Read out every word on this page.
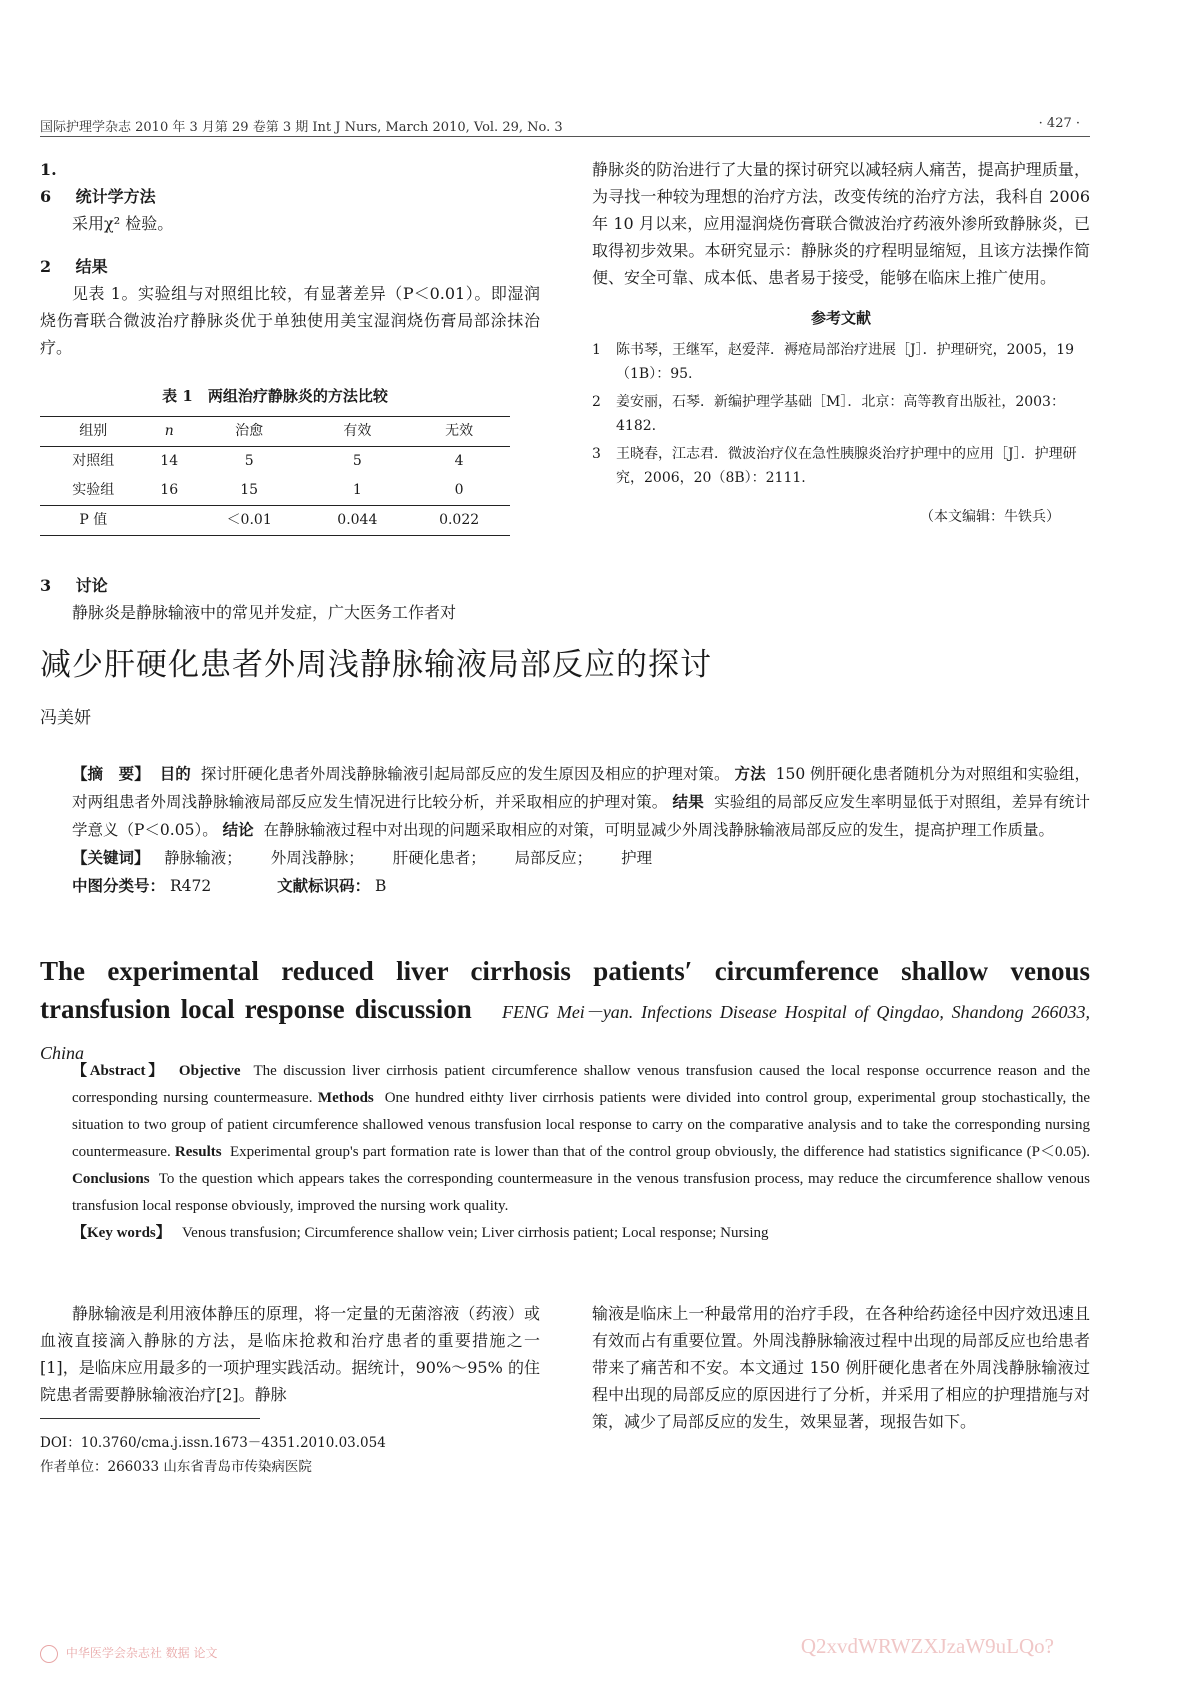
国际护理学杂志 2010 年 3 月第 29 卷第 3 期 Int J Nurs, March 2010, Vol. 29, No. 3	· 427 ·

1. 6 统计学方法

采用χ² 检验。

2 结果

见表 1。实验组与对照组比较，有显著差异（P＜0.01）。即湿润烧伤膏联合微波治疗静脉炎优于单独使用美宝湿润烧伤膏局部涂抹治疗。

表 1　两组治疗静脉炎的方法比较
组别	n	治愈	有效	无效
对照组	14	5	5	4
实验组	16	15	1	0
P 值		＜0.01	0.044	0.022

3 讨论

静脉炎是静脉输液中的常见并发症，广大医务工作者对

静脉炎的防治进行了大量的探讨研究以减轻病人痛苦，提高护理质量，为寻找一种较为理想的治疗方法，改变传统的治疗方法，我科自 2006 年 10 月以来，应用湿润烧伤膏联合微波治疗药液外渗所致静脉炎，已取得初步效果。本研究显示：静脉炎的疗程明显缩短，且该方法操作简便、安全可靠、成本低、患者易于接受，能够在临床上推广使用。

参考文献

1 陈书琴，王继军，赵爱萍．褥疮局部治疗进展［J］．护理研究，2005，19（1B）：95.
2 姜安丽，石琴．新编护理学基础［M］．北京：高等教育出版社，2003：4182.
3 王晓春，江志君．微波治疗仪在急性胰腺炎治疗护理中的应用［J］．护理研究，2006，20（8B）：2111.

（本文编辑：牛铁兵）

减少肝硬化患者外周浅静脉输液局部反应的探讨
冯美妍

【摘　要】 目的 探讨肝硬化患者外周浅静脉输液引起局部反应的发生原因及相应的护理对策。 方法 150 例肝硬化患者随机分为对照组和实验组，对两组患者外周浅静脉输液局部反应发生情况进行比较分析，并采取相应的护理对策。 结果 实验组的局部反应发生率明显低于对照组，差异有统计学意义（P＜0.05）。 结论 在静脉输液过程中对出现的问题采取相应的对策，可明显减少外周浅静脉输液局部反应的发生，提高护理工作质量。

【关键词】 静脉输液； 外周浅静脉； 肝硬化患者； 局部反应； 护理

中图分类号： R472	文献标识码： B

The experimental reduced liver cirrhosis patients′ circumference shallow venous transfusion local response discussion FENG Mei－yan. Infections Disease Hospital of Qingdao, Shandong 266033, China

【Abstract】 Objective The discussion liver cirrhosis patient circumference shallow venous transfusion caused the local response occurrence reason and the corresponding nursing countermeasure. Methods One hundred eithty liver cirrhosis patients were divided into control group, experimental group stochastically, the situation to two group of patient circumference shallowed venous transfusion local response to carry on the comparative analysis and to take the corresponding nursing countermeasure. Results Experimental group's part formation rate is lower than that of the control group obviously, the difference had statistics significance (P＜0.05). Conclusions To the question which appears takes the corresponding countermeasure in the venous transfusion process, may reduce the circumference shallow venous transfusion local response obviously, improved the nursing work quality.

【Key words】 Venous transfusion; Circumference shallow vein; Liver cirrhosis patient; Local response; Nursing

静脉输液是利用液体静压的原理，将一定量的无菌溶液（药液）或血液直接滴入静脉的方法，是临床抢救和治疗患者的重要措施之一[1]，是临床应用最多的一项护理实践活动。据统计，90%～95% 的住院患者需要静脉输液治疗[2]。静脉

DOI：10.3760/cma.j.issn.1673－4351.2010.03.054

作者单位：266033 山东省青岛市传染病医院

输液是临床上一种最常用的治疗手段，在各种给药途径中因疗效迅速且有效而占有重要位置。外周浅静脉输液过程中出现的局部反应也给患者带来了痛苦和不安。本文通过 150 例肝硬化患者在外周浅静脉输液过程中出现的局部反应的原因进行了分析，并采用了相应的护理措施与对策，减少了局部反应的发生，效果显著，现报告如下。

中华医学会杂志社 数据 论文	Q2xvdWRWZXJzaW9uLQo?
